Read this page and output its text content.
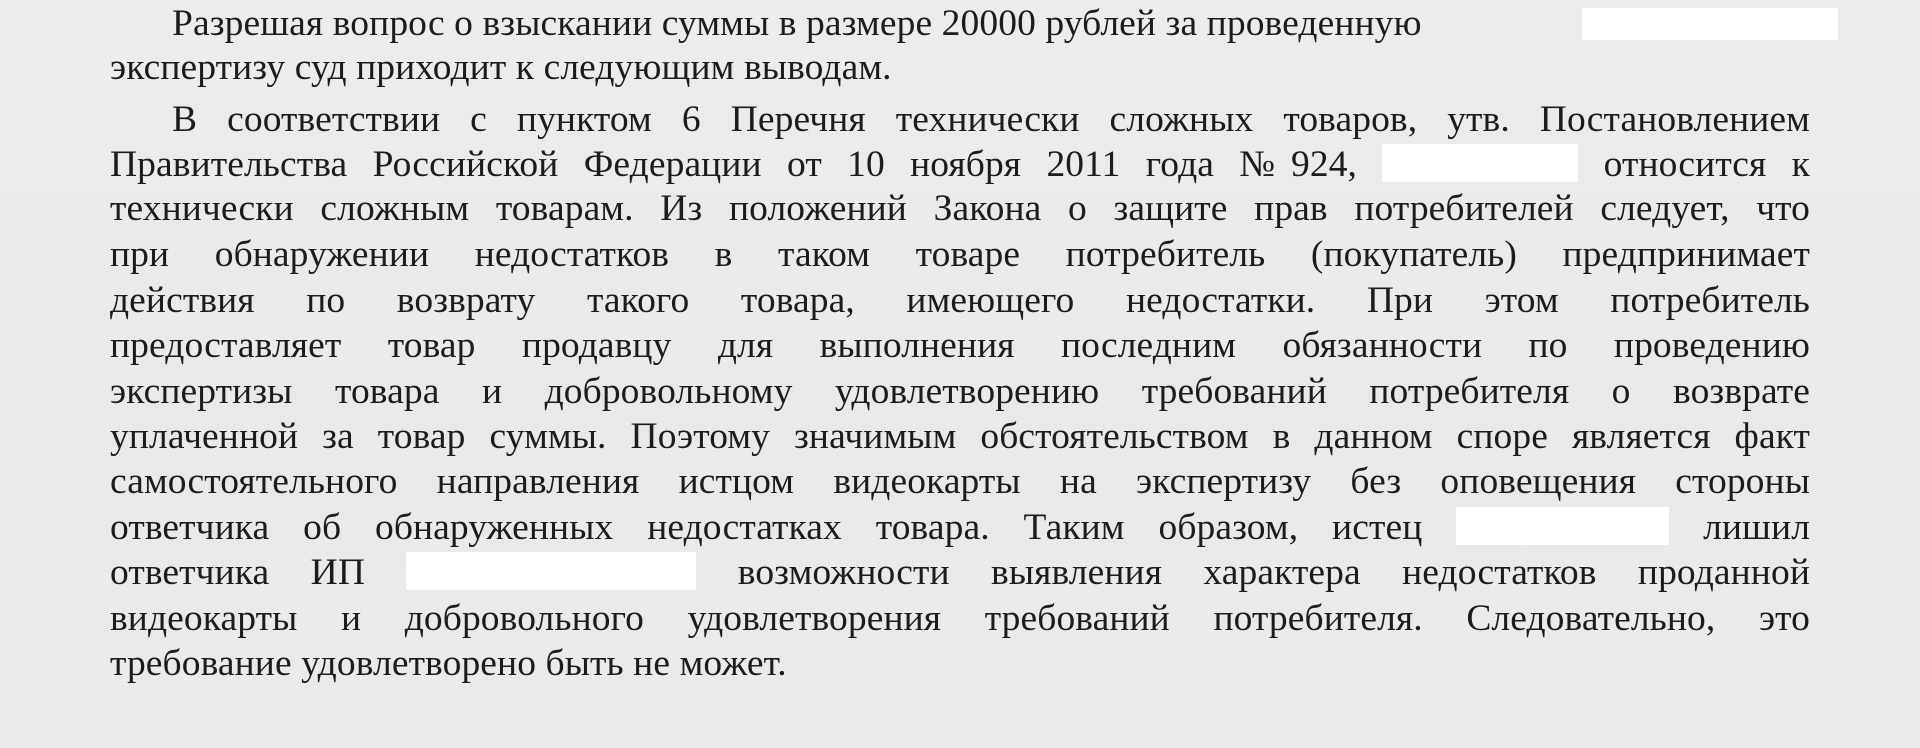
Разрешая вопрос о взыскании суммы в размере 20000 рублей за проведенную
экспертизу суд приходит к следующим выводам.
В соответствии с пунктом 6 Перечня технически сложных товаров, утв. Постановлением
Правительства Российской Федерации от 10 ноября 2011 года №924,	относится к
технически сложным товарам. Из положений Закона о защите прав потребителей следует, что
при обнаружении недостатков в таком товаре потребитель (покупатель) предпринимает
действия по возврату такого товара, имеющего недостатки. При этом потребитель
предоставляет товар продавцу для выполнения последним обязанности по проведению
экспертизы товара и добровольному удовлетворению требований потребителя о возврате
уплаченной за товар суммы. Поэтому значимым обстоятельством в данном споре является факт
самостоятельного направления истцом видеокарты на экспертизу без оповещения стороны
ответчика об обнаруженных недостатках товара. Таким образом, истец	лишил
ответчика ИП	возможности выявления характера недостатков проданной
видеокарты и добровольного удовлетворения требований потребителя. Следовательно, это
требование удовлетворено быть не может.
